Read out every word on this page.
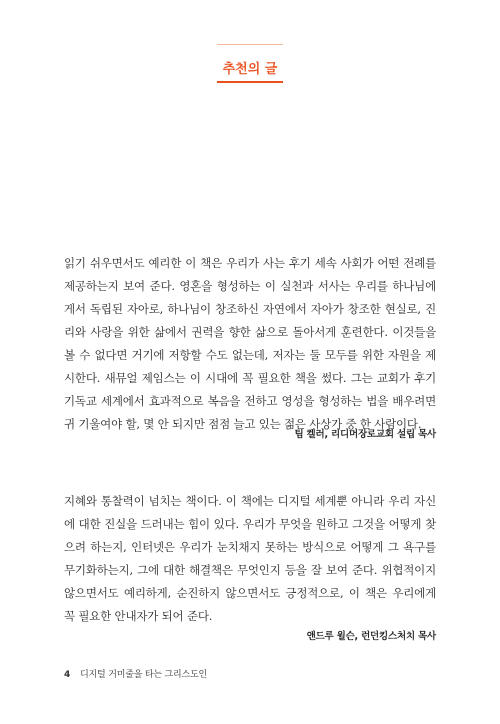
추천의 글

읽기 쉬우면서도 예리한 이 책은 우리가 사는 후기 세속 사회가 어떤 전례를 제공하는지 보여 준다. 영혼을 형성하는 이 실천과 서사는 우리를 하나님에게서 독립된 자아로, 하나님이 창조하신 자연에서 자아가 창조한 현실로, 진리와 사랑을 위한 삶에서 권력을 향한 삶으로 돌아서게 훈련한다. 이것들을 볼 수 없다면 거기에 저항할 수도 없는데, 저자는 둘 모두를 위한 자원을 제시한다. 새뮤얼 제임스는 이 시대에 꼭 필요한 책을 썼다. 그는 교회가 후기 기독교 세계에서 효과적으로 복음을 전하고 영성을 형성하는 법을 배우려면 귀 기울여야 할, 몇 안 되지만 점점 늘고 있는 젊은 사상가 중 한 사람이다.

팀 켈러, 리디머장로교회 설립 목사

지혜와 통찰력이 넘치는 책이다. 이 책에는 디지털 세계뿐 아니라 우리 자신에 대한 진실을 드러내는 힘이 있다. 우리가 무엇을 원하고 그것을 어떻게 찾으려 하는지, 인터넷은 우리가 눈치채지 못하는 방식으로 어떻게 그 욕구를 무기화하는지, 그에 대한 해결책은 무엇인지 등을 잘 보여 준다. 위협적이지 않으면서도 예리하게, 순진하지 않으면서도 긍정적으로, 이 책은 우리에게 꼭 필요한 안내자가 되어 준다.

앤드루 윌슨, 런던킹스처치 목사
4 디지털 거미줄을 타는 그리스도인
